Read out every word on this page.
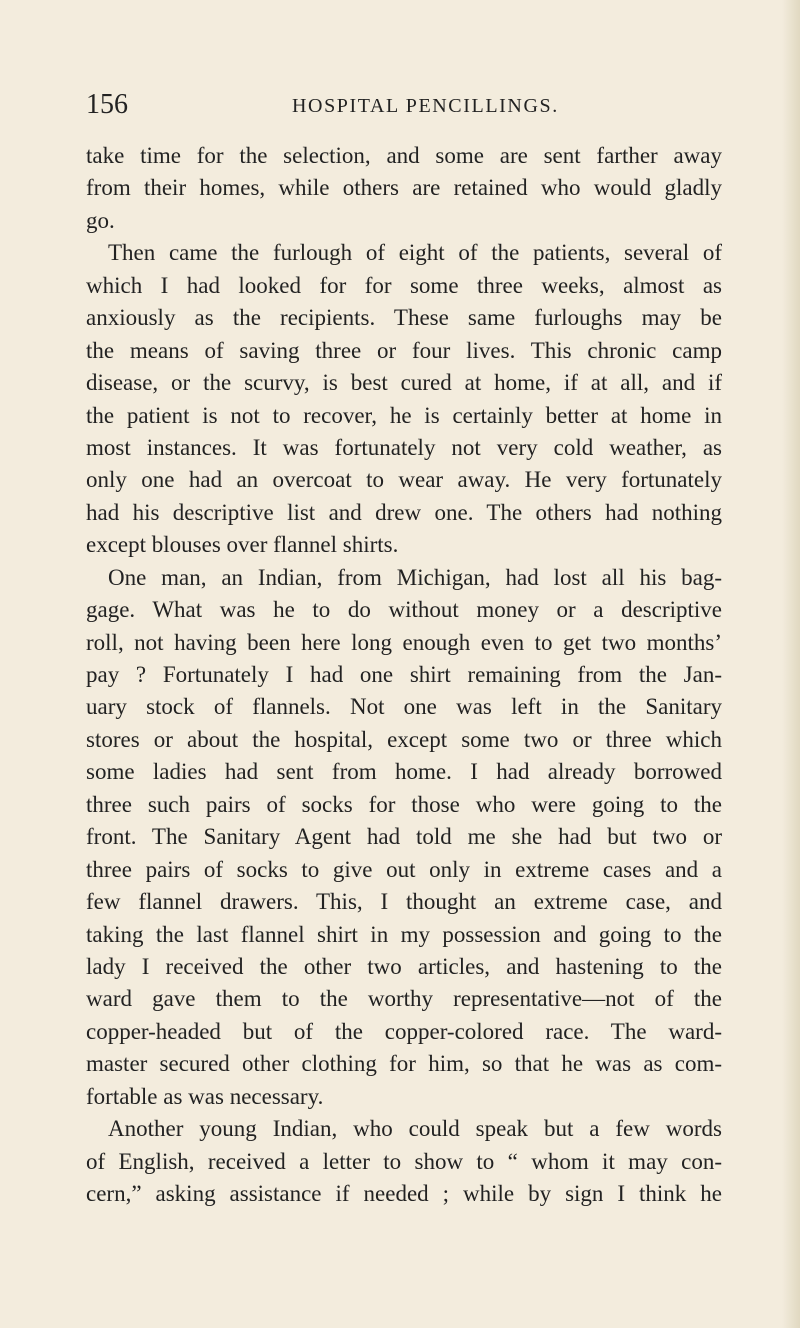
156	HOSPITAL PENCILLINGS.
take time for the selection, and some are sent farther away
from their homes, while others are retained who would gladly
go.
Then came the furlough of eight of the patients, several of
which I had looked for for some three weeks, almost as
anxiously as the recipients. These same furloughs may be
the means of saving three or four lives. This chronic camp
disease, or the scurvy, is best cured at home, if at all, and if
the patient is not to recover, he is certainly better at home in
most instances. It was fortunately not very cold weather, as
only one had an overcoat to wear away. He very fortunately
had his descriptive list and drew one. The others had nothing
except blouses over flannel shirts.
One man, an Indian, from Michigan, had lost all his bag-
gage. What was he to do without money or a descriptive
roll, not having been here long enough even to get two months’
pay ? Fortunately I had one shirt remaining from the Jan-
uary stock of flannels. Not one was left in the Sanitary
stores or about the hospital, except some two or three which
some ladies had sent from home. I had already borrowed
three such pairs of socks for those who were going to the
front. The Sanitary Agent had told me she had but two or
three pairs of socks to give out only in extreme cases and a
few flannel drawers. This, I thought an extreme case, and
taking the last flannel shirt in my possession and going to the
lady I received the other two articles, and hastening to the
ward gave them to the worthy representative—not of the
copper-headed but of the copper-colored race. The ward-
master secured other clothing for him, so that he was as com-
fortable as was necessary.
Another young Indian, who could speak but a few words
of English, received a letter to show to “ whom it may con-
cern,” asking assistance if needed ; while by sign I think he
